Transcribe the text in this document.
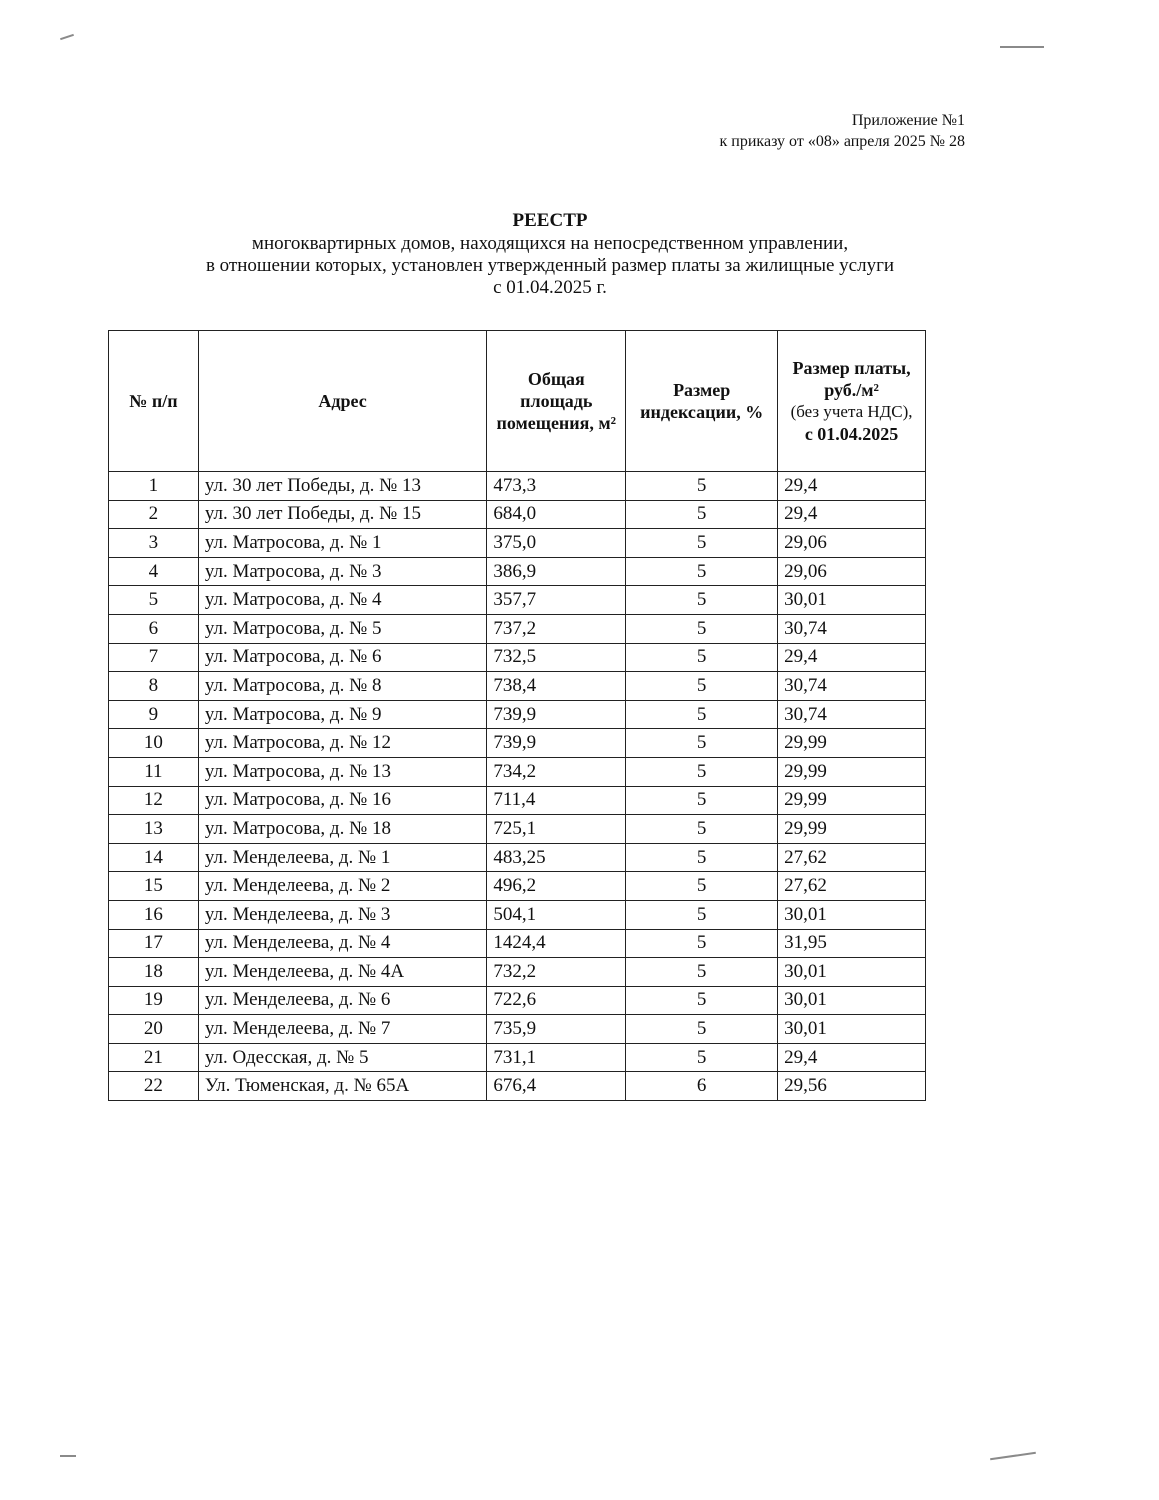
Приложение №1
к приказу от «08» апреля 2025 № 28
РЕЕСТР
многоквартирных домов, находящихся на непосредственном управлении,
в отношении которых, установлен утвержденный размер платы за жилищные услуги
с 01.04.2025 г.
№ п/п	Адрес	Общая площадь помещения, м²	Размер индексации, %	Размер платы, руб./м²
(без учета НДС),
с 01.04.2025

1	ул. 30 лет Победы, д. № 13	473,3	5	29,4
2	ул. 30 лет Победы, д. № 15	684,0	5	29,4
3	ул. Матросова, д. № 1	375,0	5	29,06
4	ул. Матросова, д. № 3	386,9	5	29,06
5	ул. Матросова, д. № 4	357,7	5	30,01
6	ул. Матросова, д. № 5	737,2	5	30,74
7	ул. Матросова, д. № 6	732,5	5	29,4
8	ул. Матросова, д. № 8	738,4	5	30,74
9	ул. Матросова, д. № 9	739,9	5	30,74
10	ул. Матросова, д. № 12	739,9	5	29,99
11	ул. Матросова, д. № 13	734,2	5	29,99
12	ул. Матросова, д. № 16	711,4	5	29,99
13	ул. Матросова, д. № 18	725,1	5	29,99
14	ул. Менделеева, д. № 1	483,25	5	27,62
15	ул. Менделеева, д. № 2	496,2	5	27,62
16	ул. Менделеева, д. № 3	504,1	5	30,01
17	ул. Менделеева, д. № 4	1424,4	5	31,95
18	ул. Менделеева, д. № 4А	732,2	5	30,01
19	ул. Менделеева, д. № 6	722,6	5	30,01
20	ул. Менделеева, д. № 7	735,9	5	30,01
21	ул. Одесская, д. № 5	731,1	5	29,4
22	Ул. Тюменская, д. № 65А	676,4	6	29,56
